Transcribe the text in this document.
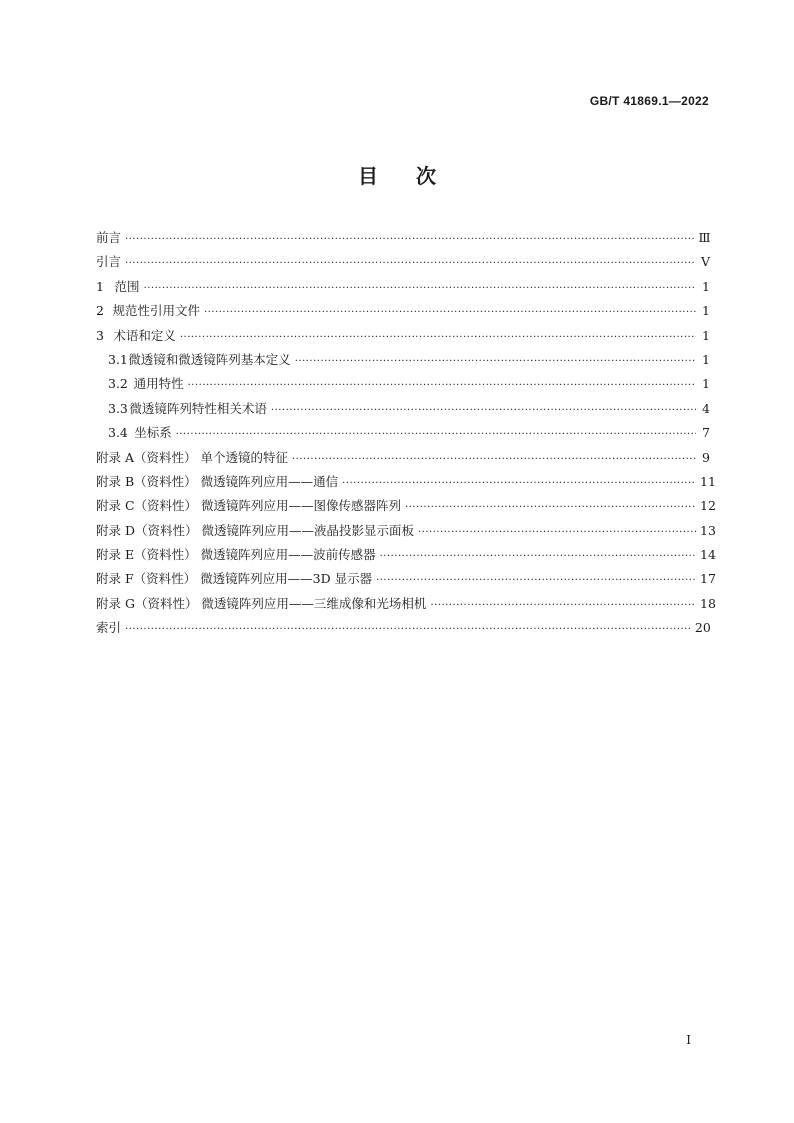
GB/T 41869.1—2022
目 次
前言 ·····	Ⅲ
引言 ·····	Ⅴ
1 范围 ·····	1
2 规范性引用文件 ·····	1
3 术语和定义 ·····	1
3.1 微透镜和微透镜阵列基本定义 ·····	1
3.2 通用特性 ·····	1
3.3 微透镜阵列特性相关术语 ·····	4
3.4 坐标系 ·····	7
附录 A（资料性） 单个透镜的特征 ·····	9
附录 B（资料性） 微透镜阵列应用——通信 ·····	11
附录 C（资料性） 微透镜阵列应用——图像传感器阵列 ·····	12
附录 D（资料性） 微透镜阵列应用——液晶投影显示面板 ·····	13
附录 E（资料性） 微透镜阵列应用——波前传感器 ·····	14
附录 F（资料性） 微透镜阵列应用——3D 显示器 ·····	17
附录 G（资料性） 微透镜阵列应用——三维成像和光场相机 ·····	18
索引 ·····	20
I
